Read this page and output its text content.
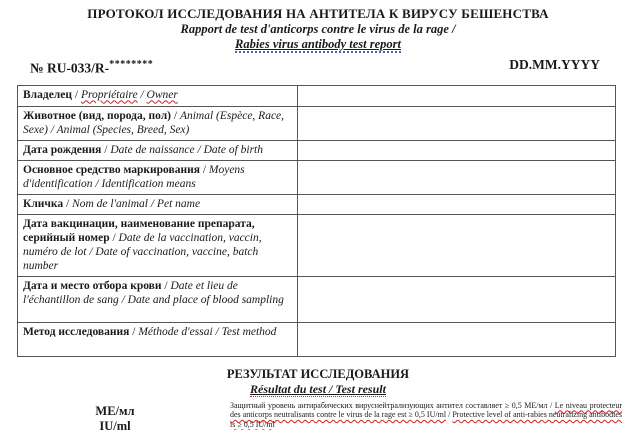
ПРОТОКОЛ ИССЛЕДОВАНИЯ НА АНТИТЕЛА К ВИРУСУ БЕШЕНСТВА
Rapport de test d'anticorps contre le virus de la rage /
Rabies virus antibody test report
№ RU-033/R-********	DD.MM.YYYY
Владелец / Propriétaire / Owner	
Животное (вид, порода, пол) / Animal (Espèce, Race, Sexe) / Animal (Species, Breed, Sex)	
Дата рождения / Date de naissance / Date of birth	
Основное средство маркирования / Moyens d'identification / Identification means	
Кличка / Nom de l'animal / Pet name	
Дата вакцинации, наименование препарата, серийный номер / Date de la vaccination, vaccin, numéro de lot / Date of vaccination, vaccine, batch number	
Дата и место отбора крови / Date et lieu de l'échantillon de sang / Date and place of blood sampling	
Метод исследования / Méthode d'essai / Test method	
РЕЗУЛЬТАТ ИССЛЕДОВАНИЯ
Résultat du test / Test result
МЕ/мл
IU/ml
Защитный уровень антирабических вируснейтрализующих антител составляет ≥ 0,5 МЕ/мл / Le niveau protecteur des anticorps neutralisants contre le virus de la rage est ≥ 0,5 IU/ml / Protective level of anti-rabies neutralizing antibodies is ≥ 0,5 IU/ml
